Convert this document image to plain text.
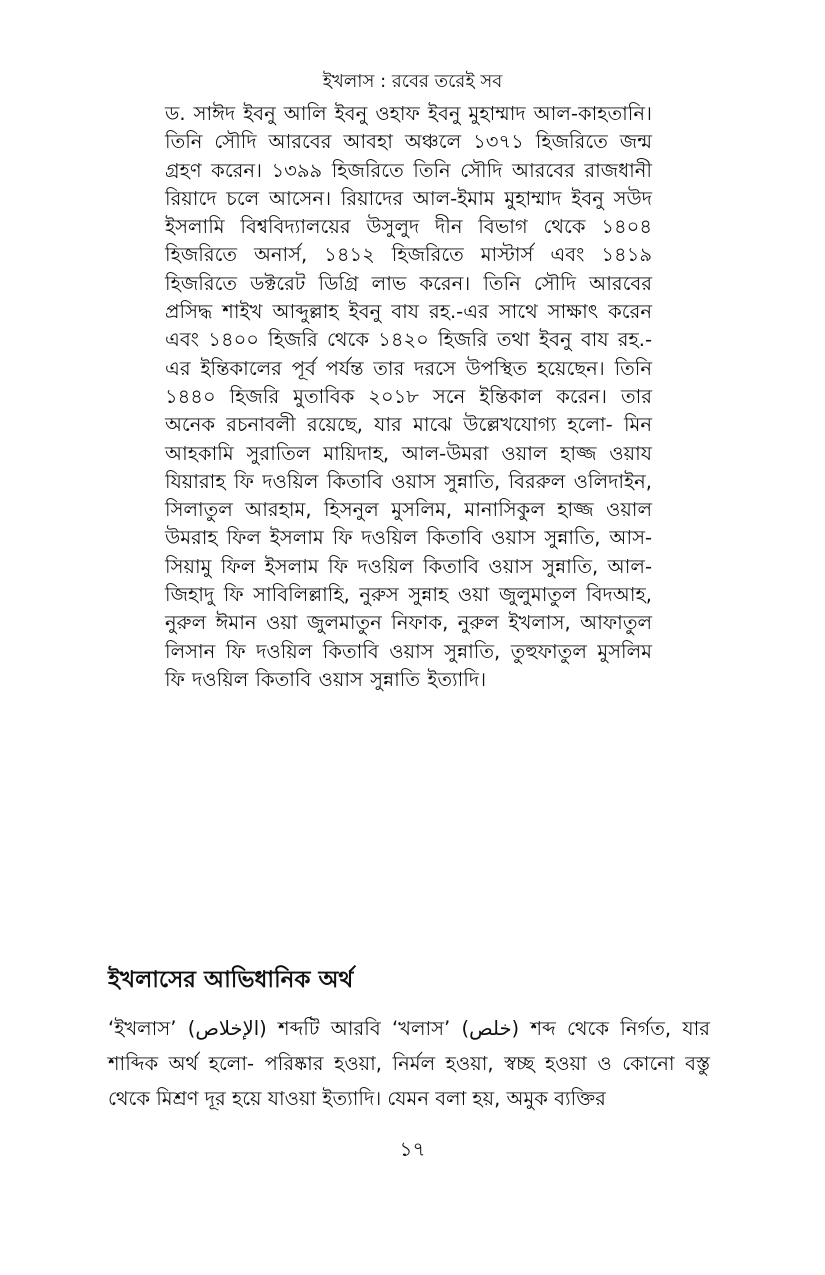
ইখলাস : রবের তরেই সব

ড. সাঈদ ইবনু আলি ইবনু ওহাফ ইবনু মুহাম্মাদ আল-কাহতানি। তিনি সৌদি আরবের আবহা অঞ্চলে ১৩৭১ হিজরিতে জন্ম গ্রহণ করেন। ১৩৯৯ হিজরিতে তিনি সৌদি আরবের রাজধানী রিয়াদে চলে আসেন। রিয়াদের আল-ইমাম মুহাম্মাদ ইবনু সউদ ইসলামি বিশ্ববিদ্যালয়ের উসুলুদ দীন বিভাগ থেকে ১৪০৪ হিজরিতে অনার্স, ১৪১২ হিজরিতে মাস্টার্স এবং ১৪১৯ হিজরিতে ডক্টরেট ডিগ্রি লাভ করেন। তিনি সৌদি আরবের প্রসিদ্ধ শাইখ আব্দুল্লাহ ইবনু বায রহ.-এর সাথে সাক্ষাৎ করেন এবং ১৪০০ হিজরি থেকে ১৪২০ হিজরি তথা ইবনু বায রহ.-এর ইন্তিকালের পূর্ব পর্যন্ত তার দরসে উপস্থিত হয়েছেন। তিনি ১৪৪০ হিজরি মুতাবিক ২০১৮ সনে ইন্তিকাল করেন। তার অনেক রচনাবলী রয়েছে, যার মাঝে উল্লেখযোগ্য হলো- মিন আহকামি সুরাতিল মায়িদাহ, আল-উমরা ওয়াল হাজ্জ ওয়ায যিয়ারাহ ফি দওয়িল কিতাবি ওয়াস সুন্নাতি, বিররুল ওলিদাইন, সিলাতুল আরহাম, হিসনুল মুসলিম, মানাসিকুল হাজ্জ ওয়াল উমরাহ ফিল ইসলাম ফি দওয়িল কিতাবি ওয়াস সুন্নাতি, আস-সিয়ামু ফিল ইসলাম ফি দওয়িল কিতাবি ওয়াস সুন্নাতি, আল-জিহাদু ফি সাবিলিল্লাহি, নুরুস সুন্নাহ ওয়া জুলুমাতুল বিদআহ, নুরুল ঈমান ওয়া জুলমাতুন নিফাক, নুরুল ইখলাস, আফাতুল লিসান ফি দওয়িল কিতাবি ওয়াস সুন্নাতি, তুহুফাতুল মুসলিম ফি দওয়িল কিতাবি ওয়াস সুন্নাতি ইত্যাদি।

ইখলাসের আভিধানিক অর্থ

‘ইখলাস’ (الإخلاص) শব্দটি আরবি ‘খলাস’ (خلص) শব্দ থেকে নির্গত, যার শাব্দিক অর্থ হলো- পরিষ্কার হওয়া, নির্মল হওয়া, স্বচ্ছ হওয়া ও কোনো বস্তু থেকে মিশ্রণ দূর হয়ে যাওয়া ইত্যাদি। যেমন বলা হয়, অমুক ব্যক্তির

১৭
